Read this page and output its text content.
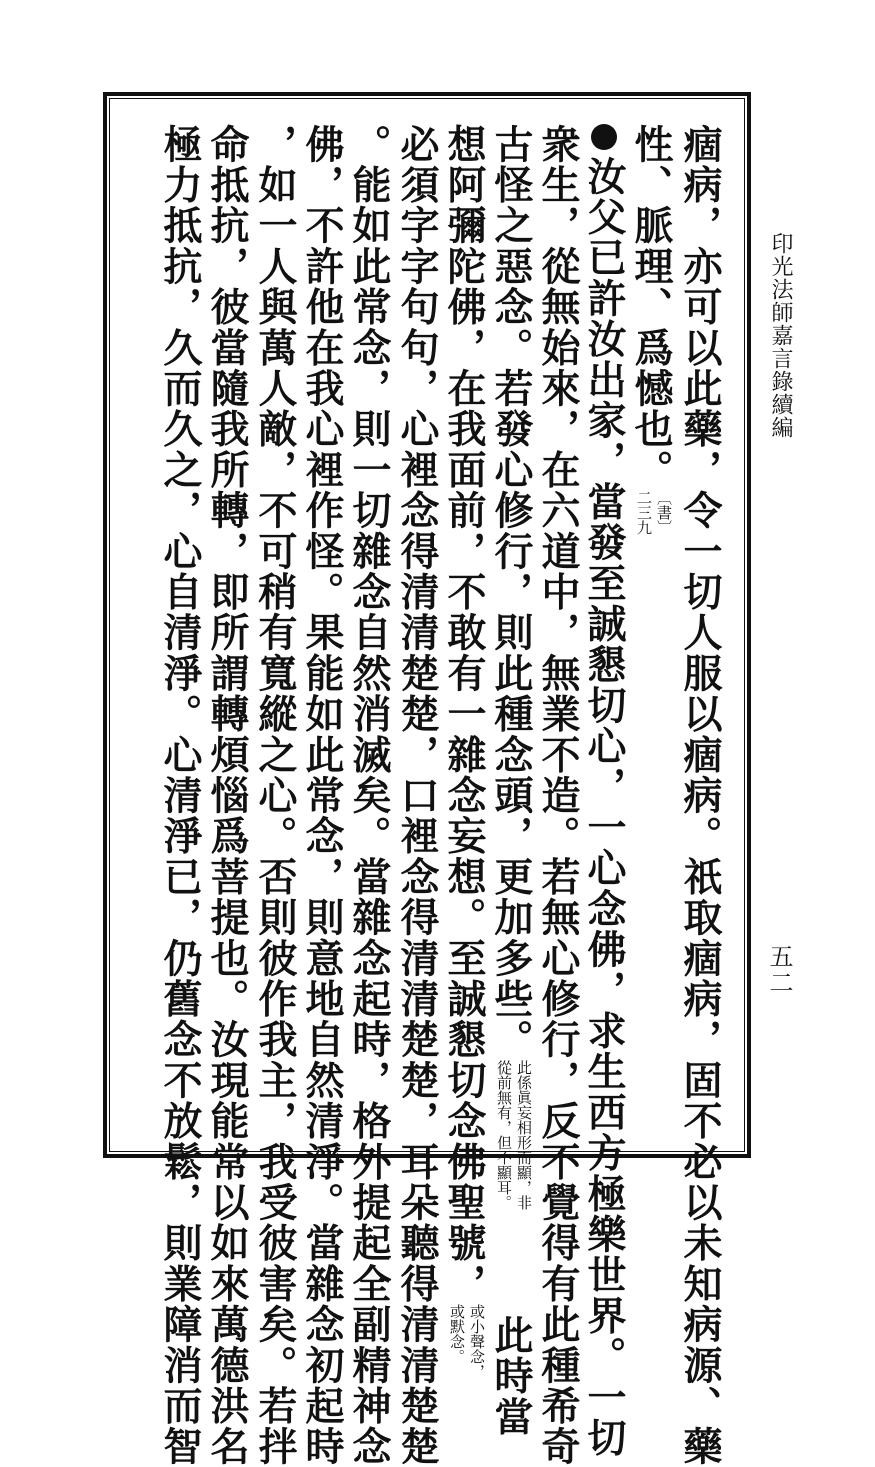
印光法師嘉言錄續編
五二
痼病，亦可以此藥，令一切人服以痼病。祇取痼病，固不必以未知病源、藥
性、脈理、爲憾也。
〔書〕
二三九
汝父已許汝出家，當發至誠懇切心，一心念佛，求生西方極樂世界。一切
衆生，從無始來，在六道中，無業不造。若無心修行，反不覺得有此種希奇
古怪之惡念。若發心修行，則此種念頭，更加多些。
此係眞妄相形而顯，非
從前無有，但不顯耳。
此時當
想阿彌陀佛，在我面前，不敢有一雜念妄想。至誠懇切念佛聖號，
或小聲念，
或默念。
必須字字句句，心裡念得清清楚楚，口裡念得清清楚楚，耳朵聽得清清楚楚
。能如此常念，則一切雜念自然消滅矣。當雜念起時，格外提起全副精神念
佛，不許他在我心裡作怪。果能如此常念，則意地自然清淨。當雜念初起時
，如一人與萬人敵，不可稍有寬縱之心。否則彼作我主，我受彼害矣。若拌
命抵抗，彼當隨我所轉，即所謂轉煩惱爲菩提也。汝現能常以如來萬德洪名
極力抵抗，久而久之，心自清淨。心清淨已，仍舊念不放鬆，則業障消而智
